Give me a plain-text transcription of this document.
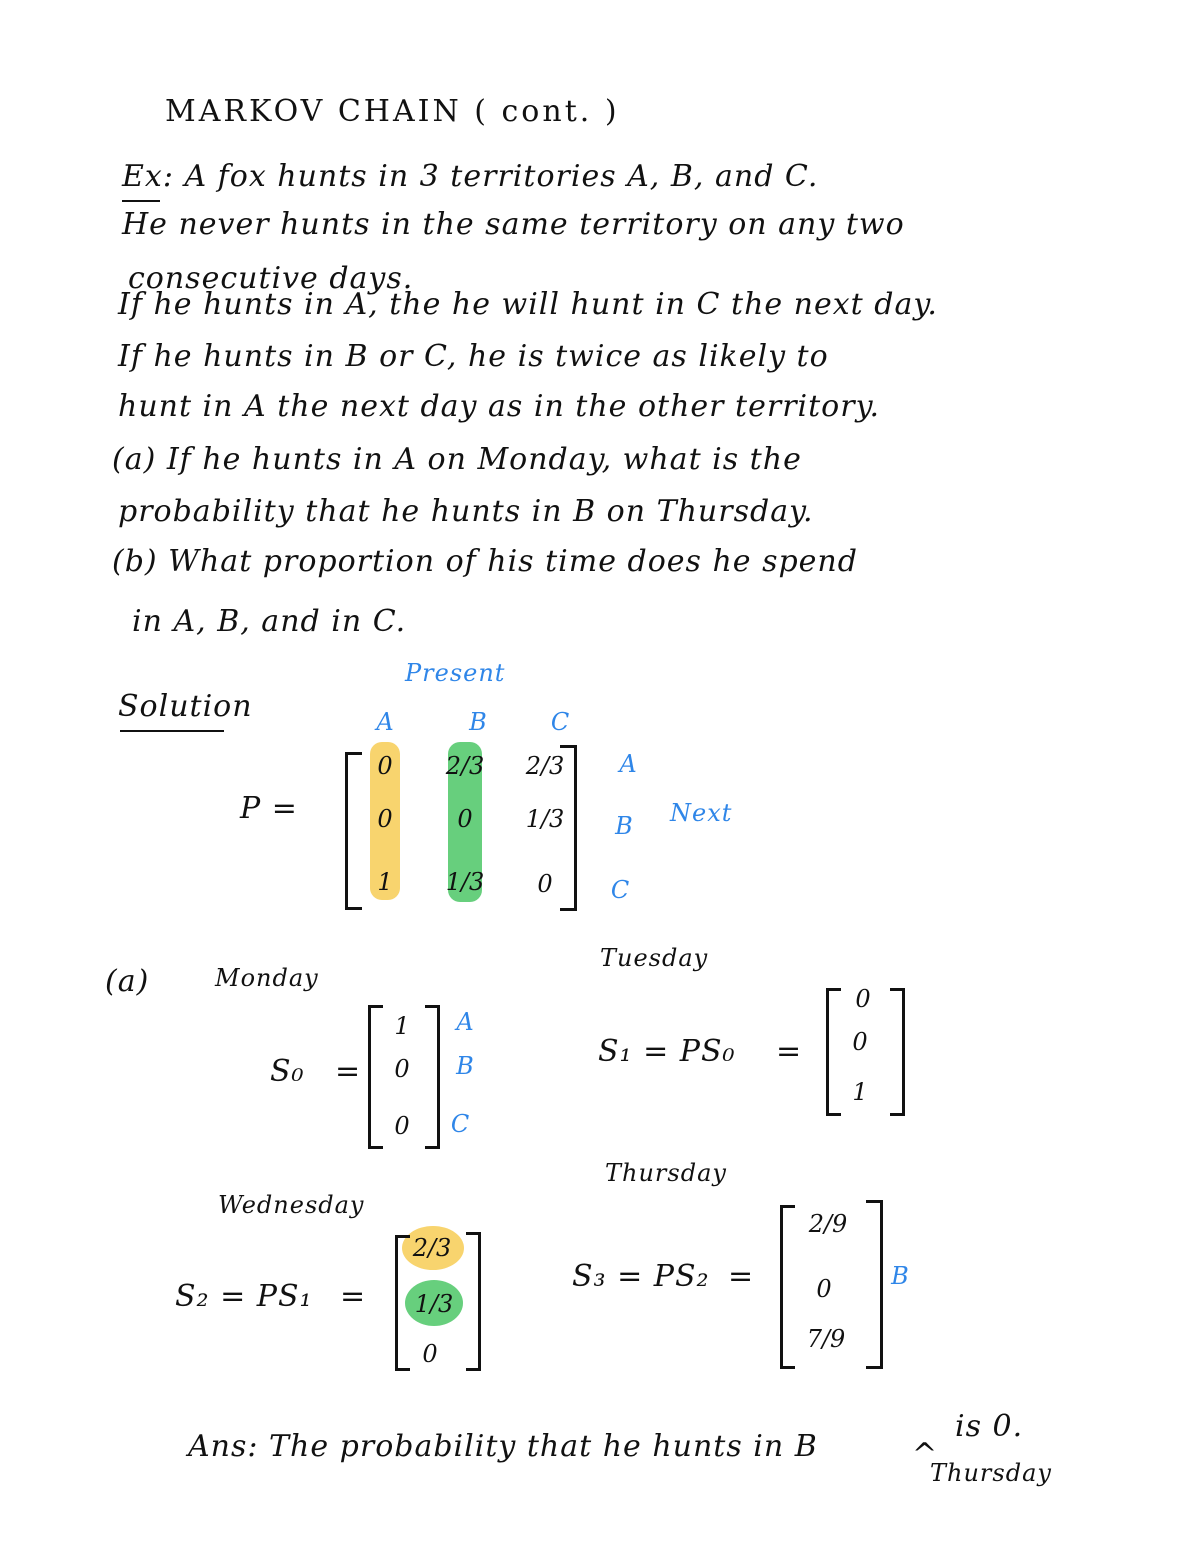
MARKOV CHAIN ( cont. )
Ex: A fox hunts in 3 territories A, B, and C.
He never hunts in the same territory on any two
consecutive days.
If he hunts in A, the he will hunt in C the next day.
If he hunts in B or C, he is twice as likely to
hunt in A the next day as in the other territory.
(a) If he hunts in A on Monday, what is the
probability that he hunts in B on Thursday.
(b) What proportion of his time does he spend
in A, B, and in C.
Solution
Present
A	B	C
P =
0	2/3	2/3
0	0	1/3
1	1/3	0
A
B
C
Next
(a)	Monday
S₀ =
1
0
0
A
B
C
Tuesday
S₁ = PS₀ =
0
0
1
Wednesday
S₂ = PS₁ =
2/3
1/3
0
Thursday
S₃ = PS₂ =
2/9
0
7/9
B
Ans: The probability that he hunts in B	^
is 0.
Thursday
